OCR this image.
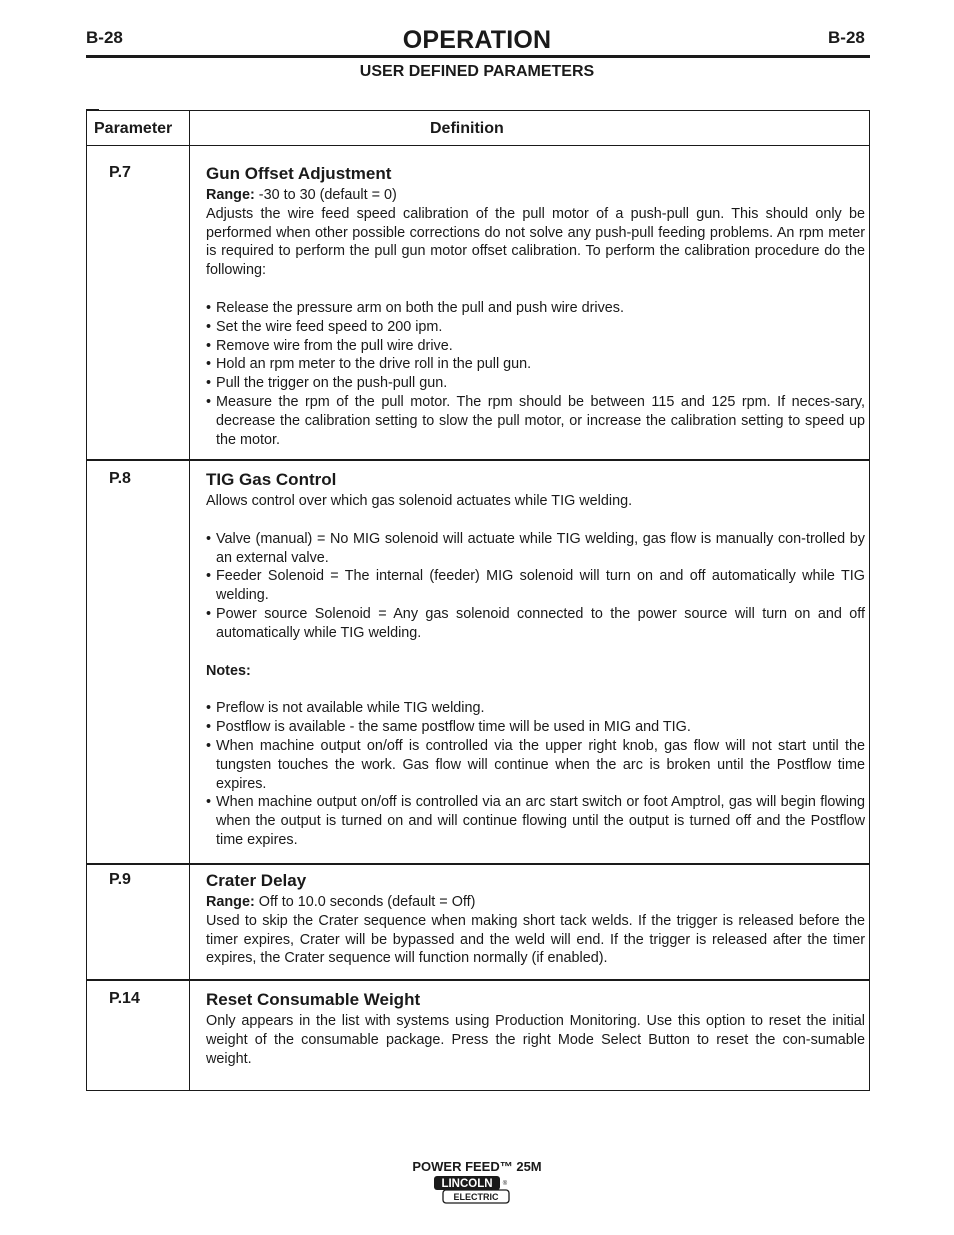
B-28	OPERATION	B-28
USER DEFINED PARAMETERS
Parameter	Definition
P.7	Gun Offset Adjustment

Range: -30 to 30 (default = 0)

Adjusts the wire feed speed calibration of the pull motor of a push-pull gun. This should only be performed when other possible corrections do not solve any push-pull feeding problems. An rpm meter is required to perform the pull gun motor offset calibration. To perform the calibration procedure do the following:

• Release the pressure arm on both the pull and push wire drives.
• Set the wire feed speed to 200 ipm.
• Remove wire from the pull wire drive.
• Hold an rpm meter to the drive roll in the pull gun.
• Pull the trigger on the push-pull gun.
• Measure the rpm of the pull motor. The rpm should be between 115 and 125 rpm. If neces-sary, decrease the calibration setting to slow the pull motor, or increase the calibration setting to speed up the motor.
P.8	TIG Gas Control

Allows control over which gas solenoid actuates while TIG welding.

• Valve (manual) = No MIG solenoid will actuate while TIG welding, gas flow is manually con-trolled by an external valve.
• Feeder Solenoid = The internal (feeder) MIG solenoid will turn on and off automatically while TIG welding.
• Power source Solenoid = Any gas solenoid connected to the power source will turn on and off automatically while TIG welding.

Notes:

• Preflow is not available while TIG welding.
• Postflow is available - the same postflow time will be used in MIG and TIG.
• When machine output on/off is controlled via the upper right knob, gas flow will not start until the tungsten touches the work. Gas flow will continue when the arc is broken until the Postflow time expires.
• When machine output on/off is controlled via an arc start switch or foot Amptrol, gas will begin flowing when the output is turned on and will continue flowing until the output is turned off and the Postflow time expires.
P.9	Crater Delay

Range: Off to 10.0 seconds (default = Off)

Used to skip the Crater sequence when making short tack welds. If the trigger is released before the timer expires, Crater will be bypassed and the weld will end. If the trigger is released after the timer expires, the Crater sequence will function normally (if enabled).

P.14	Reset Consumable Weight

Only appears in the list with systems using Production Monitoring. Use this option to reset the initial weight of the consumable package. Press the right Mode Select Button to reset the con-sumable weight.

POWER FEED™ 25M
LINCOLN
ELECTRIC
®
